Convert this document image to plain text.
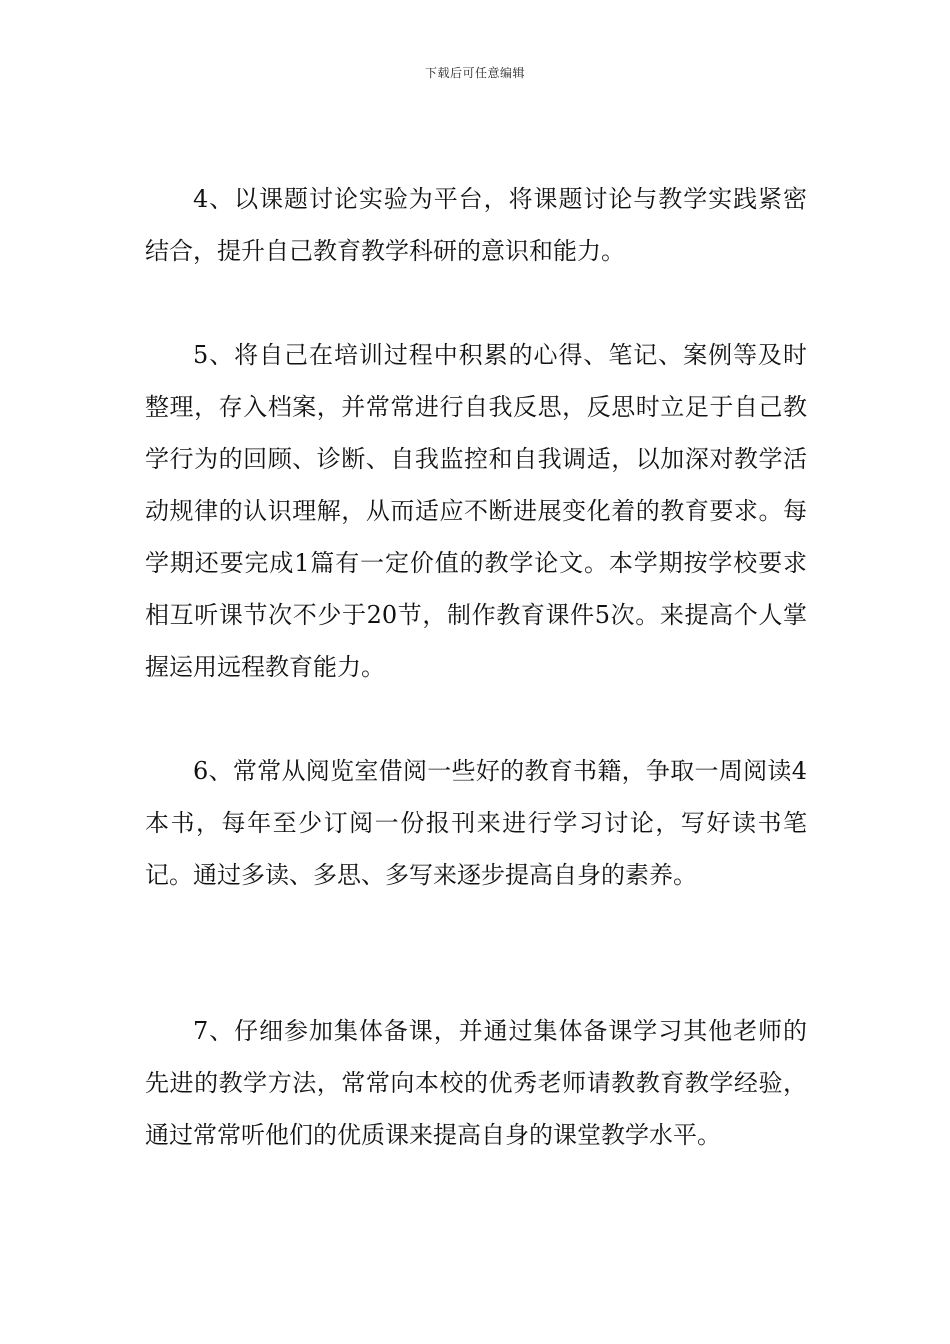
下载后可任意编辑

4、以课题讨论实验为平台，将课题讨论与教学实践紧密结合，提升自己教育教学科研的意识和能力。

5、将自己在培训过程中积累的心得、笔记、案例等及时整理，存入档案，并常常进行自我反思，反思时立足于自己教学行为的回顾、诊断、自我监控和自我调适，以加深对教学活动规律的认识理解，从而适应不断进展变化着的教育要求。每学期还要完成1篇有一定价值的教学论文。本学期按学校要求相互听课节次不少于20节，制作教育课件5次。来提高个人掌握运用远程教育能力。

6、常常从阅览室借阅一些好的教育书籍，争取一周阅读4本书，每年至少订阅一份报刊来进行学习讨论，写好读书笔记。通过多读、多思、多写来逐步提高自身的素养。

7、仔细参加集体备课，并通过集体备课学习其他老师的先进的教学方法，常常向本校的优秀老师请教教育教学经验，通过常常听他们的优质课来提高自身的课堂教学水平。
